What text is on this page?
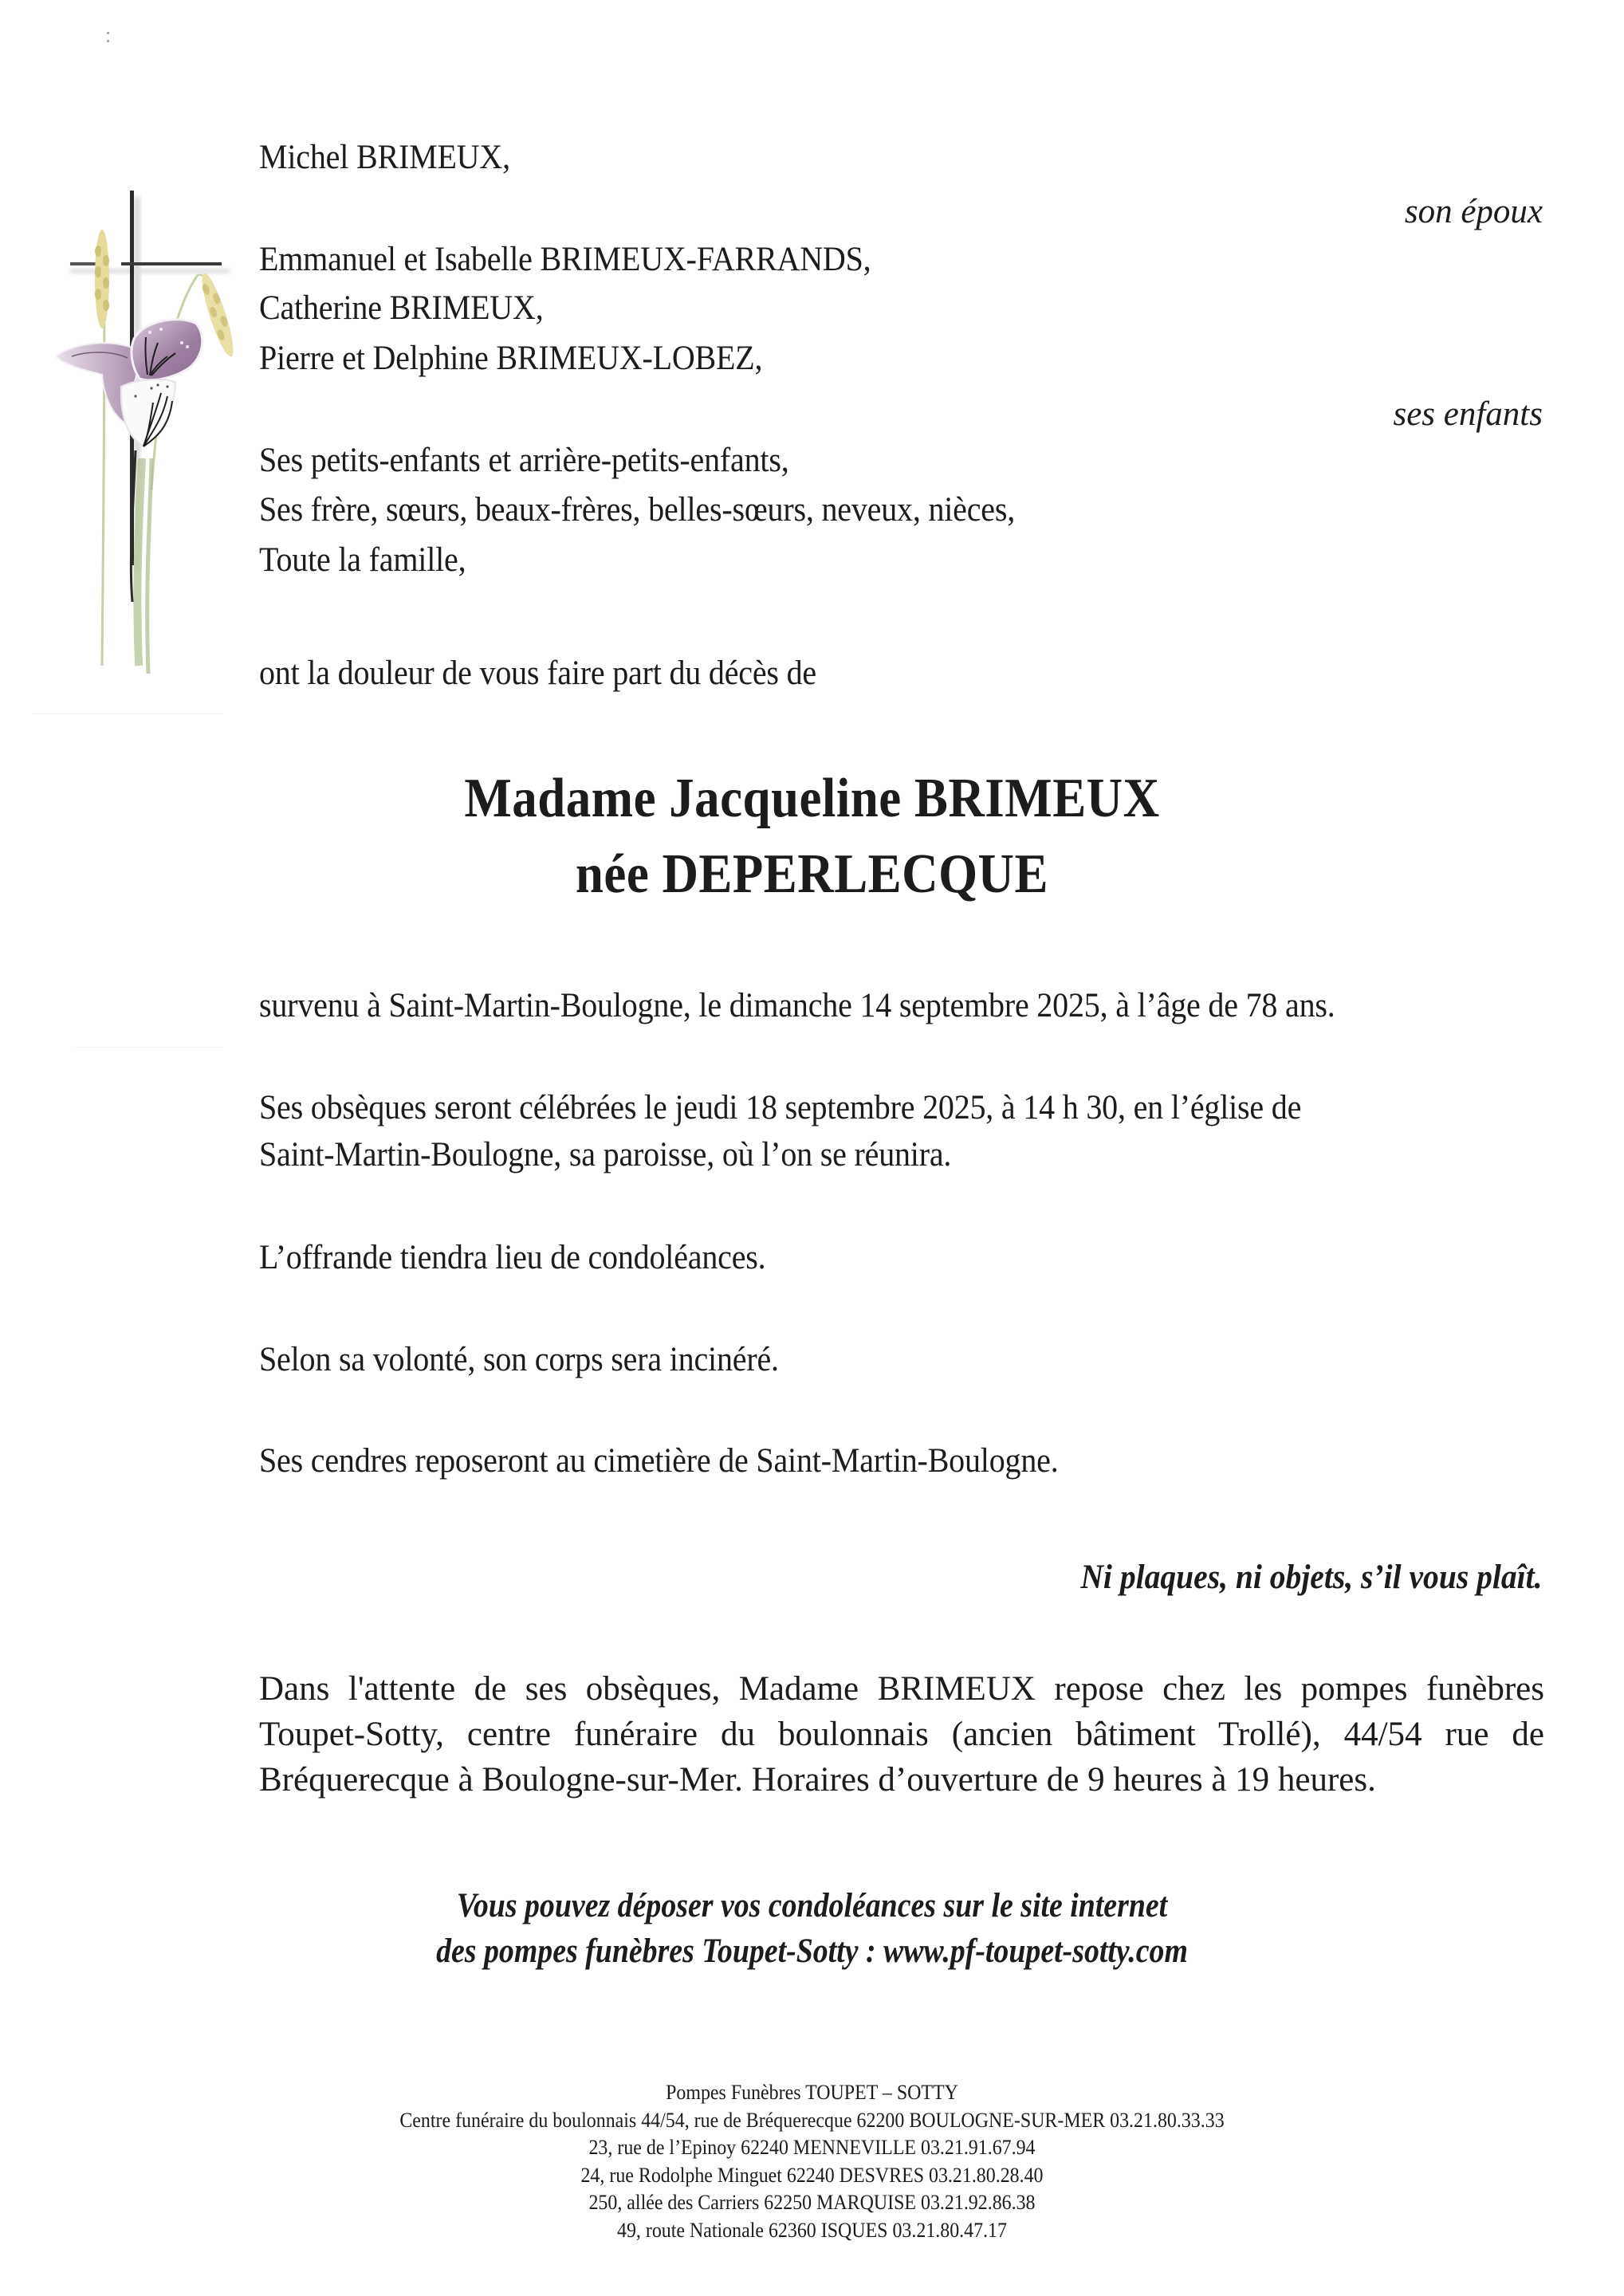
Michel BRIMEUX,
son époux
Emmanuel et Isabelle BRIMEUX-FARRANDS,
Catherine BRIMEUX,
Pierre et Delphine BRIMEUX-LOBEZ,
ses enfants
Ses petits-enfants et arrière-petits-enfants,
Ses frère, sœurs, beaux-frères, belles-sœurs, neveux, nièces,
Toute la famille,
ont la douleur de vous faire part du décès de
Madame Jacqueline BRIMEUX
née DEPERLECQUE
survenu à Saint-Martin-Boulogne, le dimanche 14 septembre 2025, à l’âge de 78 ans.
Ses obsèques seront célébrées le jeudi 18 septembre 2025, à 14 h 30, en l’église de
Saint-Martin-Boulogne, sa paroisse, où l’on se réunira.
L’offrande tiendra lieu de condoléances.
Selon sa volonté, son corps sera incinéré.
Ses cendres reposeront au cimetière de Saint-Martin-Boulogne.
Ni plaques, ni objets, s’il vous plaît.
Dans l'attente de ses obsèques, Madame BRIMEUX repose chez les pompes funèbres
Toupet-Sotty, centre funéraire du boulonnais (ancien bâtiment Trollé), 44/54 rue de
Bréquerecque à Boulogne-sur-Mer. Horaires d’ouverture de 9 heures à 19 heures.
Vous pouvez déposer vos condoléances sur le site internet
des pompes funèbres Toupet-Sotty : www.pf-toupet-sotty.com
Pompes Funèbres TOUPET – SOTTY
Centre funéraire du boulonnais 44/54, rue de Bréquerecque 62200 BOULOGNE-SUR-MER 03.21.80.33.33
23, rue de l’Epinoy 62240 MENNEVILLE 03.21.91.67.94
24, rue Rodolphe Minguet 62240 DESVRES 03.21.80.28.40
250, allée des Carriers 62250 MARQUISE 03.21.92.86.38
49, route Nationale 62360 ISQUES 03.21.80.47.17
